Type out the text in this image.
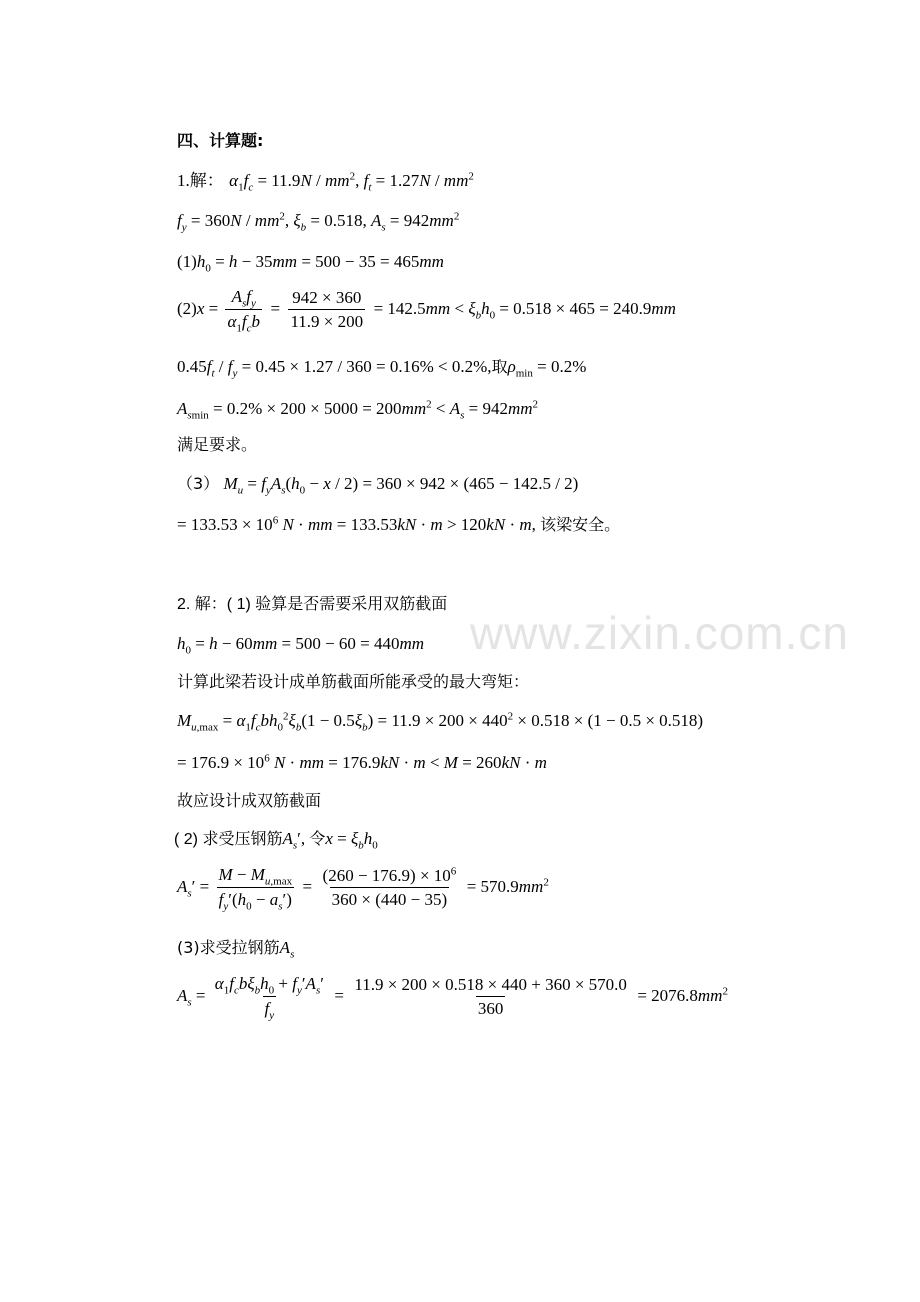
www.zixin.com.cn
四、计算题:
1.解： $\alpha_1f_c = 11.9N / mm^2$, $f_t = 1.27N / mm^2$
$f_y = 360N / mm^2$, $\xi_b = 0.518$, $A_s = 942mm^2$
$(1)h_0 = h - 35mm = 500 - 35 = 465mm$
$(2)x = \frac{A_sf_y}{\alpha_1f_cb} = \frac{942 \times 360}{11.9 \times 200} = 142.5mm < \xi_bh_0 = 0.518 \times 465 = 240.9mm$
$0.45f_t / f_y = 0.45 \times 1.27 / 360 = 0.16\% < 0.2\%$,取$\rho_{min} = 0.2\%$
$A_{smin} = 0.2\% \times 200 \times 5000 = 200mm^2 < A_s = 942mm^2$
满足要求。
（3） $M_u = f_yA_s(h_0 - x / 2) = 360 \times 942 \times (465 - 142.5 / 2)$
= $133.53 \times 10^6$ N · mm = 133.53kN · m > 120kN · m, 该梁安全。
2. 解：( 1) 验算是否需要采用双筋截面
$h_0 = h - 60mm = 500 - 60 = 440mm$
计算此梁若设计成单筋截面所能承受的最大弯矩：
$M_{u,max} = \alpha_1f_cbh_0^2\xi_b(1 - 0.5\xi_b) = 11.9 \times 200 \times 440^2 \times 0.518 \times (1 - 0.5 \times 0.518)$
= $176.9 \times 10^6$ N · mm = 176.9kN · m < M = 260kN · m
故应设计成双筋截面
( 2) 求受压钢筋$A_s'$, 令$x = \xi_bh_0$
$A_s' = \frac{M - M_{u,max}}{f_y'(h_0 - a_s')} = \frac{(260 - 176.9) \times 10^6}{360 \times (440 - 35)} = 570.9mm^2$
(3)求受拉钢筋$A_s$
$A_s = \frac{\alpha_1f_cb\xi_bh_0 + f_y'A_s'}{f_y} = \frac{11.9 \times 200 \times 0.518 \times 440 + 360 \times 570.0}{360} = 2076.8mm^2$
